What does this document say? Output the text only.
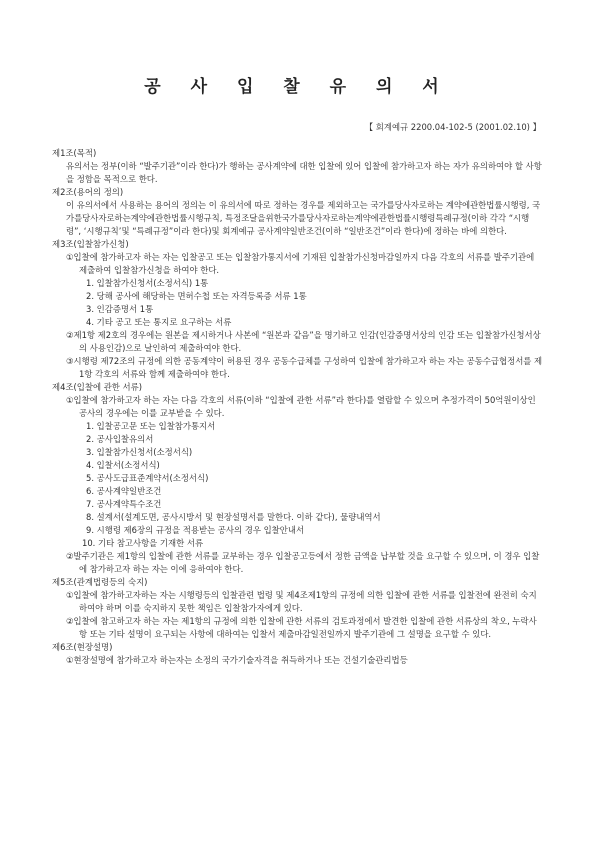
공 사 입 찰 유 의 서
【 회계예규 2200.04-102-5 (2001.02.10) 】
제1조(목적)
유의서는 정부(이하 “발주기관”이라 한다)가 행하는 공사계약에 대한 입찰에 있어 입찰에 참가하고자 하는 자가 유의하여야 할 사항을 정함을 목적으로 한다.
제2조(용어의 정의)
이 유의서에서 사용하는 용어의 정의는 이 유의서에 따로 정하는 경우를 제외하고는 국가를당사자로하는 계약에관한법률시행령, 국가를당사자로하는계약에관한법률시행규칙, 특정조달을위한국가를당사자로하는계약에관한법률시행령특례규정(이하 각각 “시행령”, ‘시행규칙’및 “특례규정”이라 한다)및 회계예규 공사계약일반조건(이하 “일반조건”이라 한다)에 정하는 바에 의한다.
제3조(입찰참가신청)
①입찰에 참가하고자 하는 자는 입찰공고 또는 입찰참가통지서에 기재된 입찰참가신청마감일까지 다음 각호의 서류를 발주기관에 제출하여 입찰참가신청을 하여야 한다.
1. 입찰참가신청서(소정서식) 1통
2. 당해 공사에 해당하는 면허수첩 또는 자격등록증 서류 1통
3. 인감증명서 1통
4. 기타 공고 또는 통지로 요구하는 서류
②제1항 제2호의 경우에는 원본을 제시하거나 사본에 “원본과 같음”을 명기하고 인감(인감증명서상의 인감 또는 입찰참가신청서상의 사용인감)으로 날인하여 제출하여야 한다.
③시행령 제72조의 규정에 의한 공동계약이 허용된 경우 공동수급체를 구성하여 입찰에 참가하고자 하는 자는 공동수급협정서를 제1항 각호의 서류와 함께 제출하여야 한다.
제4조(입찰에 관한 서류)
①입찰에 참가하고자 하는 자는 다음 각호의 서류(이하 “입찰에 관한 서류”라 한다)를 열람할 수 있으며 추정가격이 50억원이상인 공사의 경우에는 이를 교부받을 수 있다.
1. 입찰공고문 또는 입찰참가통지서
2. 공사입찰유의서
3. 입찰참가신청서(소정서식)
4. 입찰서(소정서식)
5. 공사도급표준계약서(소정서식)
6. 공사계약일반조건
7. 공사계약특수조건
8. 설계서(설계도면, 공사시방서 및 현장설명서를 말한다. 이하 같다), 물량내역서
9. 시행령 제6장의 규정을 적용받는 공사의 경우 입찰안내서
10. 기타 참고사항을 기재한 서류
②발주기관은 제1항의 입찰에 관한 서류를 교부하는 경우 입찰공고등에서 정한 금액을 납부할 것을 요구할 수 있으며, 이 경우 입찰에 참가하고자 하는 자는 이에 응하여야 한다.
제5조(관계법령등의 숙지)
①입찰에 참가하고자하는 자는 시행령등의 입찰관련 법령 및 제4조제1항의 규정에 의한 입찰에 관한 서류를 입찰전에 완전히 숙지하여야 하며 이를 숙지하지 못한 책임은 입찰참가자에게 있다.
②입찰에 참고하고자 하는 자는 제1항의 규정에 의한 입찰에 관한 서류의 검토과정에서 발견한 입찰에 관한 서류상의 착오, 누락사항 또는 기타 설명이 요구되는 사항에 대하여는 입찰서 제출마감일전일까지 발주기관에 그 설명을 요구할 수 있다.
제6조(현장설명)
①현장설명에 참가하고자 하는자는 소정의 국가기술자격을 취득하거나 또는 건설기술관리법등
